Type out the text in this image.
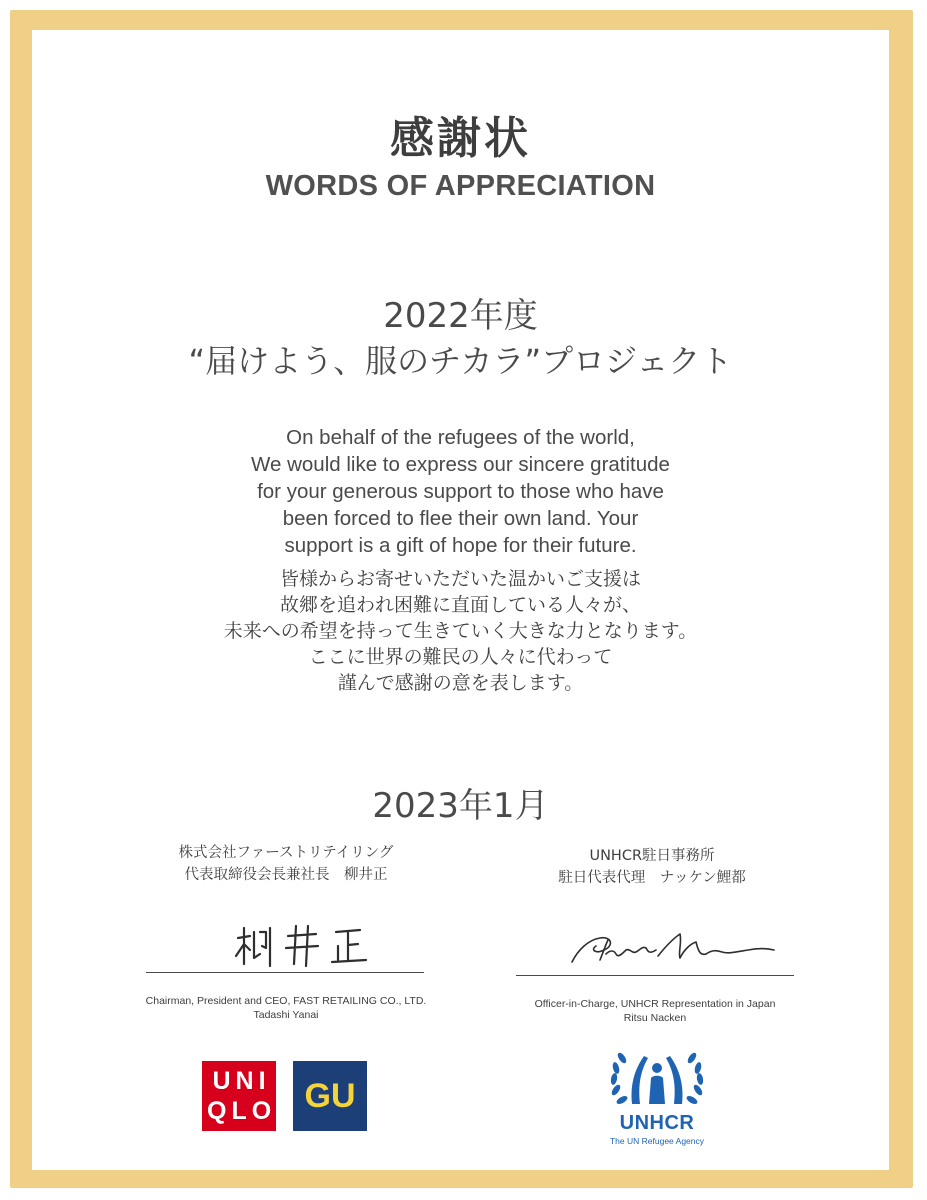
感謝状
WORDS OF APPRECIATION
2022年度
“届けよう、服のチカラ”プロジェクト
On behalf of the refugees of the world,
We would like to express our sincere gratitude
for your generous support to those who have
been forced to flee their own land. Your
support is a gift of hope for their future.
皆様からお寄せいただいた温かいご支援は
故郷を追われ困難に直面している人々が、
未来への希望を持って生きていく大きな力となります。
ここに世界の難民の人々に代わって
謹んで感謝の意を表します。
2023年1月
株式会社ファーストリテイリング
代表取締役会長兼社長　柳井正
Chairman, President and CEO, FAST RETAILING CO., LTD.
Tadashi Yanai
UNHCR駐日事務所
駐日代表代理　ナッケン鯉都
Officer-in-Charge, UNHCR Representation in Japan
Ritsu Nacken
UNI
QLO GU
UNHCR
The UN Refugee Agency
